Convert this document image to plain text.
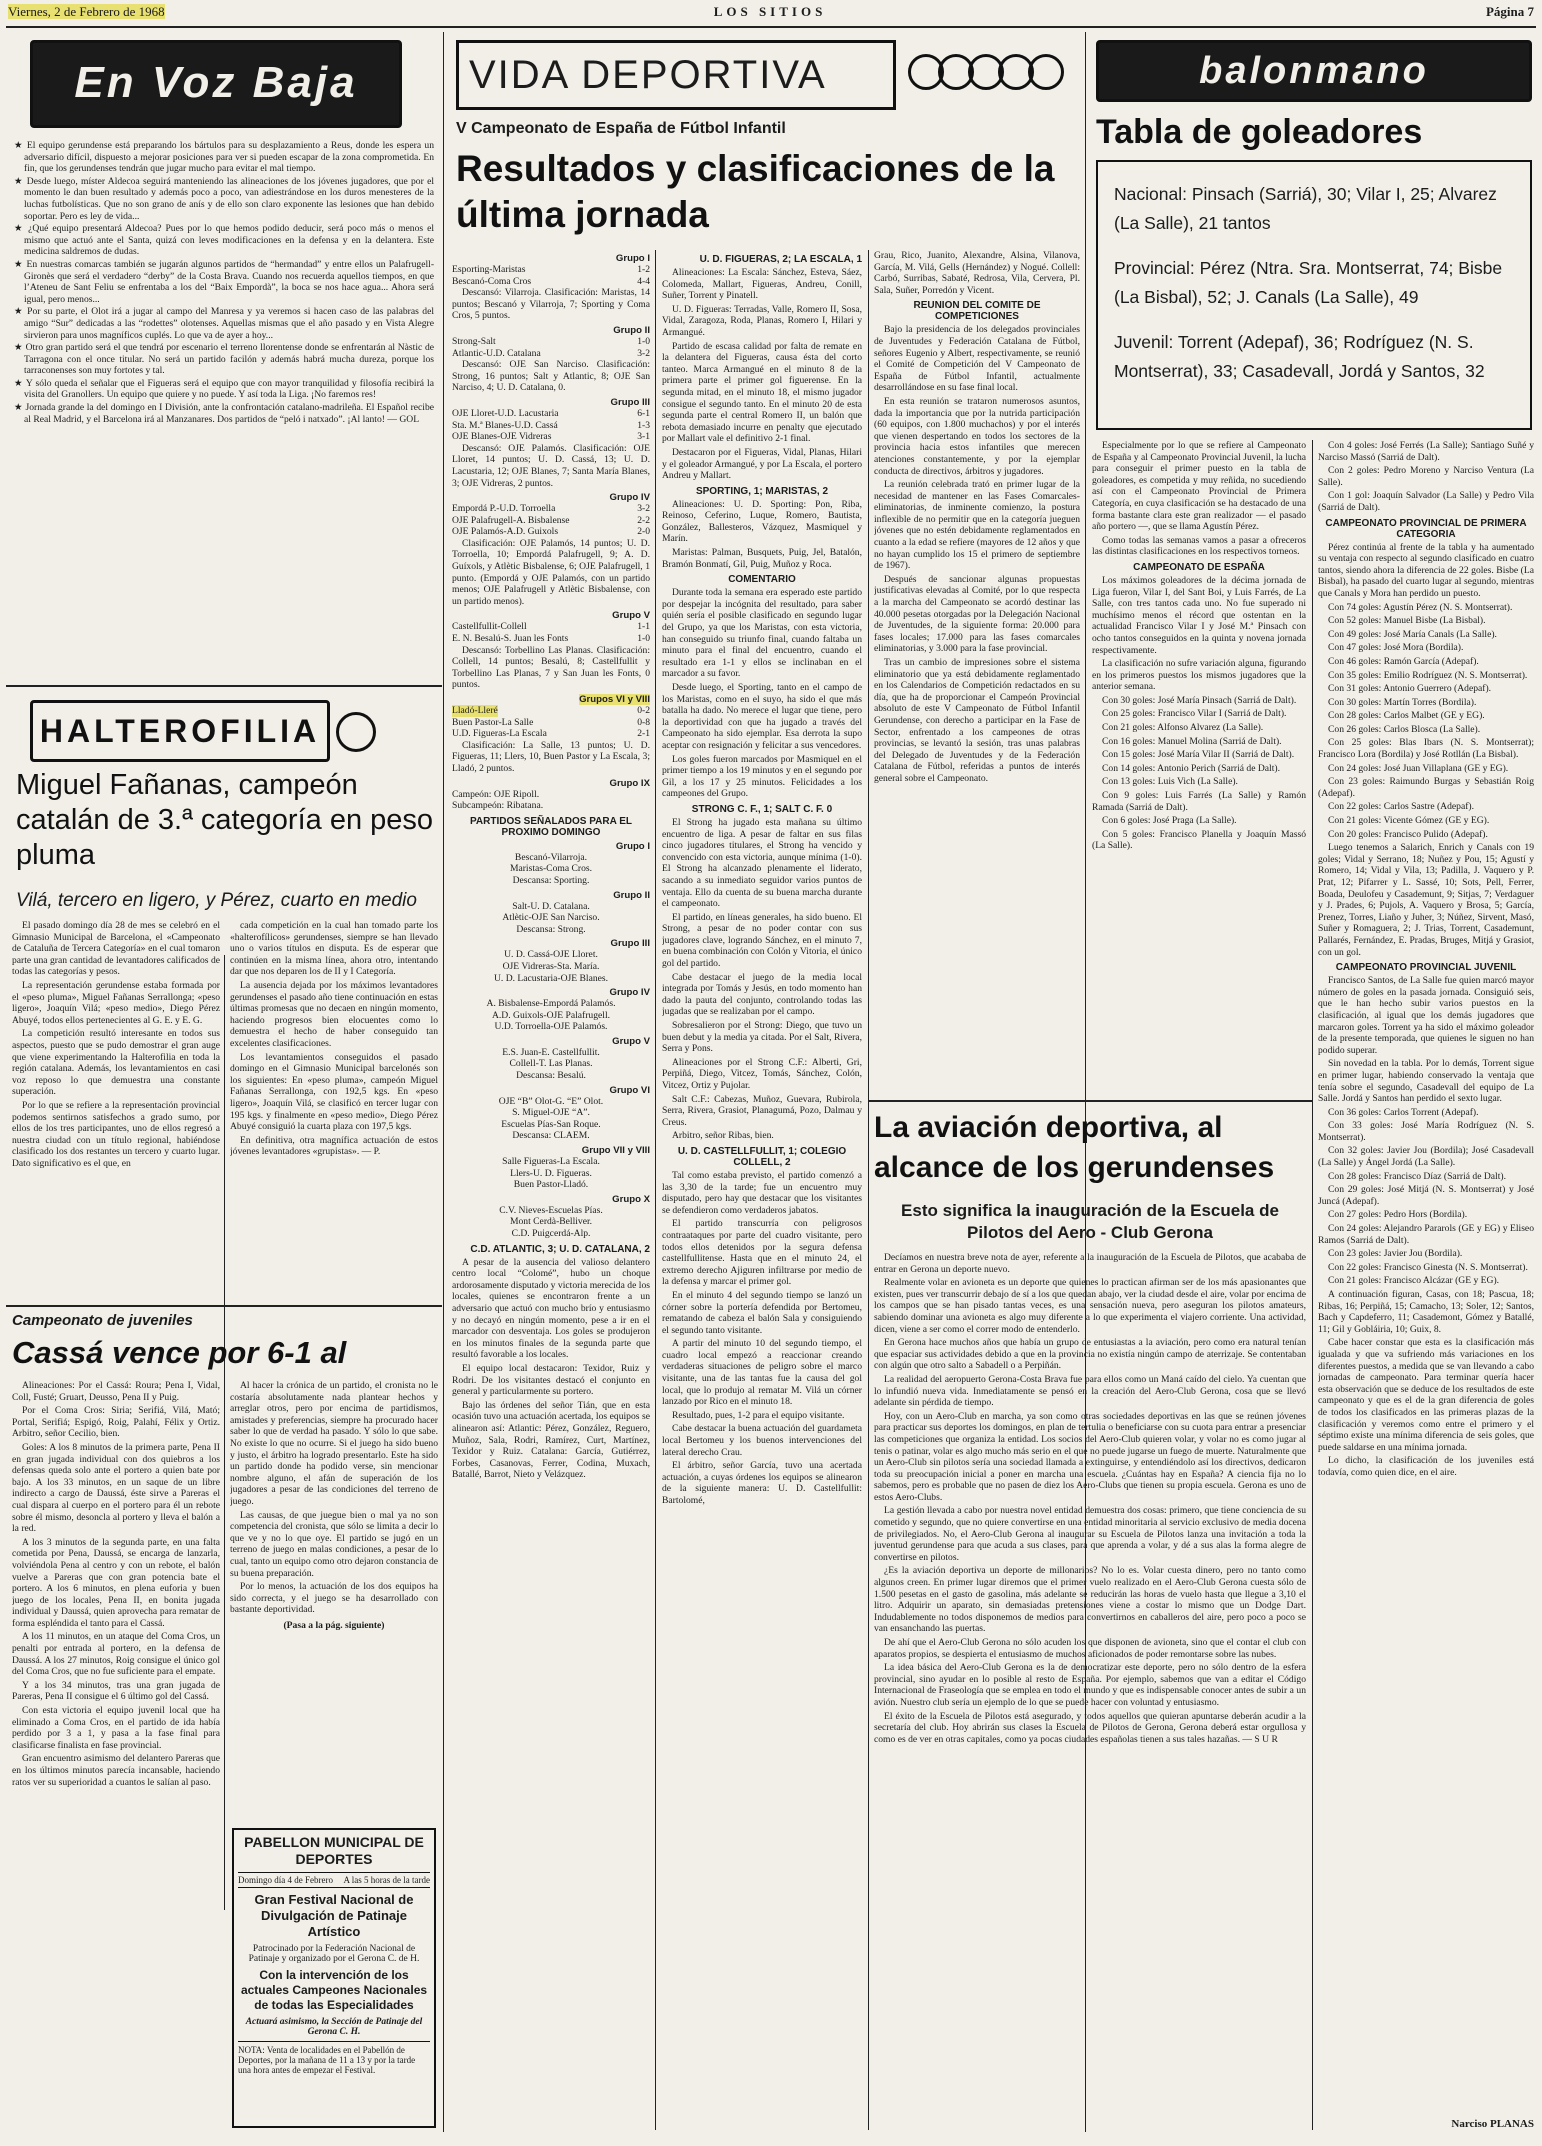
Viernes, 2 de Febrero de 1968	LOS SITIOS	Página 7
En Voz Baja

★ El equipo gerundense está preparando los bártulos para su desplazamiento a Reus, donde les espera un adversario difícil, dispuesto a mejorar posiciones para ver si pueden escapar de la zona comprometida. En fin, que los gerundenses tendrán que jugar mucho para evitar el mal tiempo.

★ Desde luego, míster Aldecoa seguirá manteniendo las alineaciones de los jóvenes jugadores, que por el momento le dan buen resultado y además poco a poco, van adiestrándose en los duros menesteres de la luchas futbolísticas. Que no son grano de anís y de ello son claro exponente las lesiones que han debido soportar. Pero es ley de vida...

★ ¿Qué equipo presentará Aldecoa? Pues por lo que hemos podido deducir, será poco más o menos el mismo que actuó ante el Santa, quizá con leves modificaciones en la defensa y en la delantera. Este medicina saldremos de dudas.

★ En nuestras comarcas también se jugarán algunos partidos de “hermandad” y entre ellos un Palafrugell-Gironès que será el verdadero “derby” de la Costa Brava. Cuando nos recuerda aquellos tiempos, en que l’Ateneu de Sant Feliu se enfrentaba a los del “Baix Empordà”, la boca se nos hace agua... Ahora será igual, pero menos...

★ Por su parte, el Olot irá a jugar al campo del Manresa y ya veremos si hacen caso de las palabras del amigo “Sur” dedicadas a las “rodettes” olotenses. Aquellas mismas que el año pasado y en Vista Alegre sirvieron para unos magníficos cuplés. Lo que va de ayer a hoy...

★ Otro gran partido será el que tendrá por escenario el terreno llorentense donde se enfrentarán al Nàstic de Tarragona con el once titular. No será un partido facilón y además habrá mucha dureza, porque los tarraconenses son muy fortotes y tal.

★ Y sólo queda el señalar que el Figueras será el equipo que con mayor tranquilidad y filosofía recibirá la visita del Granollers. Un equipo que quiere y no puede. Y así toda la Liga. ¡No faremos res!

★ Jornada grande la del domingo en I División, ante la confrontación catalano-madrileña. El Español recibe al Real Madrid, y el Barcelona irá al Manzanares. Dos partidos de “peló i natxado”. ¡Al lanto! — GOL

HALTEROFILIA
Miguel Fañanas, campeón catalán de 3.ª categoría en peso pluma
Vilá, tercero en ligero, y Pérez, cuarto en medio

El pasado domingo día 28 de mes se celebró en el Gimnasio Municipal de Barcelona, el «Campeonato de Cataluña de Tercera Categoría» en el cual tomaron parte una gran cantidad de levantadores calificados de todas las categorías y pesos.

La representación gerundense estaba formada por el «peso pluma», Miguel Fañanas Serrallonga; «peso ligero», Joaquín Vilá; «peso medio», Diego Pérez Abuyé, todos ellos pertenecientes al G. E. y E. G.

La competición resultó interesante en todos sus aspectos, puesto que se pudo demostrar el gran auge que viene experimentando la Halterofilia en toda la región catalana. Además, los levantamientos en casi voz reposo lo que demuestra una constante superación.

Por lo que se refiere a la representación provincial podemos sentirnos satisfechos a grado sumo, por ellos de los tres participantes, uno de ellos regresó a nuestra ciudad con un título regional, habiéndose clasificado los dos restantes un tercero y cuarto lugar. Dato significativo es el que, en

cada competición en la cual han tomado parte los «halterofílicos» gerundenses, siempre se han llevado uno o varios títulos en disputa. Es de esperar que continúen en la misma línea, ahora otro, intentando dar que nos deparen los de II y I Categoría.

La ausencia dejada por los máximos levantadores gerundenses el pasado año tiene continuación en estas últimas promesas que no decaen en ningún momento, haciendo progresos bien elocuentes como lo demuestra el hecho de haber conseguido tan excelentes clasificaciones.

Los levantamientos conseguidos el pasado domingo en el Gimnasio Municipal barcelonés son los siguientes: En «peso pluma», campeón Miguel Fañanas Serrallonga, con 192,5 kgs. En «peso ligero», Joaquín Vilá, se clasificó en tercer lugar con 195 kgs. y finalmente en «peso medio», Diego Pérez Abuyé consiguió la cuarta plaza con 197,5 kgs.

En definitiva, otra magnífica actuación de estos jóvenes levantadores «grupistas». — P.

Campeonato de juveniles
Cassá vence por 6-1 al

Alineaciones: Por el Cassá: Roura; Pena I, Vidal, Coll, Fusté; Gruart, Deusso, Pena II y Puig.

Por el Coma Cros: Siria; Serifiá, Vilá, Mató; Portal, Serifiá; Espigó, Roig, Palahí, Félix y Ortiz. Arbitro, señor Cecilio, bien.

Goles: A los 8 minutos de la primera parte, Pena II en gran jugada individual con dos quiebros a los defensas queda solo ante el portero a quien bate por bajo. A los 33 minutos, en un saque de un libre indirecto a cargo de Daussá, éste sirve a Pareras el cual dispara al cuerpo en el portero para él un rebote sobre él mismo, desoncla al portero y lleva el balón a la red.

A los 3 minutos de la segunda parte, en una falta cometida por Pena, Daussá, se encarga de lanzarla, volviéndola Pena al centro y con un rebote, el balón vuelve a Pareras que con gran potencia bate el portero. A los 6 minutos, en plena euforia y buen juego de los locales, Pena II, en bonita jugada individual y Daussá, quien aprovecha para rematar de forma espléndida el tanto para el Cassá.

A los 11 minutos, en un ataque del Coma Cros, un penalti por entrada al portero, en la defensa de Daussá. A los 27 minutos, Roig consigue el único gol del Coma Cros, que no fue suficiente para el empate.

Y a los 34 minutos, tras una gran jugada de Pareras, Pena II consigue el 6 último gol del Cassá.

Con esta victoria el equipo juvenil local que ha eliminado a Coma Cros, en el partido de ida había perdido por 3 a 1, y pasa a la fase final para clasificarse finalista en fase provincial.

Gran encuentro asimismo del delantero Pareras que en los últimos minutos parecía incansable, haciendo ratos ver su superioridad a cuantos le salían al paso.

Al hacer la crónica de un partido, el cronista no le costaría absolutamente nada plantear hechos y arreglar otros, pero por encima de partidismos, amistades y preferencias, siempre ha procurado hacer saber lo que de verdad ha pasado. Y sólo lo que sabe. No existe lo que no ocurre. Si el juego ha sido bueno y justo, el árbitro ha logrado presentarlo. Este ha sido un partido donde ha podido verse, sin mencionar nombre alguno, el afán de superación de los jugadores a pesar de las condiciones del terreno de juego.

Las causas, de que juegue bien o mal ya no son competencia del cronista, que sólo se limita a decir lo que ve y no lo que oye. El partido se jugó en un terreno de juego en malas condiciones, a pesar de lo cual, tanto un equipo como otro dejaron constancia de su buena preparación.

Por lo menos, la actuación de los dos equipos ha sido correcta, y el juego se ha desarrollado con bastante deportividad.

(Pasa a la pág. siguiente)

PABELLON MUNICIPAL DE DEPORTES
Domingo día 4 de Febrero A las 5 horas de la tarde
Gran Festival Nacional de Divulgación de Patinaje Artístico
Patrocinado por la Federación Nacional de Patinaje y organizado por el Gerona C. de H.
Con la intervención de los actuales Campeones Nacionales de todas las Especialidades
Actuará asimismo, la Sección de Patinaje del Gerona C. H.
NOTA: Venta de localidades en el Pabellón de Deportes, por la mañana de 11 a 13 y por la tarde una hora antes de empezar el Festival.
VIDA DEPORTIVA
V Campeonato de España de Fútbol Infantil
Resultados y clasificaciones de la última jornada
Grupo I
Esporting-Maristas	1-2
Bescanó-Coma Cros	4-4

Descansó: Vilarroja. Clasificación: Maristas, 14 puntos; Bescanó y Vilarroja, 7; Sporting y Coma Cros, 5 puntos.

Grupo II
Strong-Salt	1-0
Atlantic-U.D. Catalana	3-2

Descansó: OJE San Narciso. Clasificación: Strong, 16 puntos; Salt y Atlantic, 8; OJE San Narciso, 4; U. D. Catalana, 0.

Grupo III
OJE Lloret-U.D. Lacustaria	6-1
Sta. M.ª Blanes-U.D. Cassá	1-3
OJE Blanes-OJE Vidreras	3-1

Descansó: OJE Palamós. Clasificación: OJE Lloret, 14 puntos; U. D. Cassá, 13; U. D. Lacustaria, 12; OJE Blanes, 7; Santa María Blanes, 3; OJE Vidreras, 2 puntos.

Grupo IV
Empordá P.-U.D. Torroella	3-2
OJE Palafrugell-A. Bisbalense	2-2
OJE Palamós-A.D. Guixols	2-0

Clasificación: OJE Palamós, 14 puntos; U. D. Torroella, 10; Empordá Palafrugell, 9; A. D. Guíxols, y Atlètic Bisbalense, 6; OJE Palafrugell, 1 punto. (Empordá y OJE Palamós, con un partido menos; OJE Palafrugell y Atlètic Bisbalense, con un partido menos).

Grupo V
Castellfullit-Collell	1-1
E. N. Besalú-S. Juan les Fonts	1-0

Descansó: Torbellino Las Planas. Clasificación: Collell, 14 puntos; Besalú, 8; Castellfullit y Torbellino Las Planas, 7 y San Juan les Fonts, 0 puntos.

Grupos VI y VIII
Lladó-Lleré	0-2
Buen Pastor-La Salle	0-8
U.D. Figueras-La Escala	2-1

Clasificación: La Salle, 13 puntos; U. D. Figueras, 11; Llers, 10, Buen Pastor y La Escala, 3; Lladó, 2 puntos.

Grupo IX
Campeón: OJE Ripoll.
Subcampeón: Ribatana.
PARTIDOS SEÑALADOS PARA EL PROXIMO DOMINGO
Grupo I
Bescanó-Vilarroja.
Maristas-Coma Cros.
Descansa: Sporting.
Grupo II
Salt-U. D. Catalana.
Atlètic-OJE San Narciso.
Descansa: Strong.
Grupo III
U. D. Cassá-OJE Lloret.
OJE Vidreras-Sta. María.
U. D. Lacustaria-OJE Blanes.
Grupo IV
A. Bisbalense-Empordá Palamós.
A.D. Guixols-OJE Palafrugell.
U.D. Torroella-OJE Palamós.
Grupo V
E.S. Juan-E. Castellfullit.
Collell-T. Las Planas.
Descansa: Besalú.
Grupo VI
OJE “B” Olot-G. “E” Olot.
S. Miguel-OJE “A”.
Escuelas Pías-San Roque.
Descansa: CLAEM.
Grupo VII y VIII
Salle Figueras-La Escala.
Llers-U. D. Figueras.
Buen Pastor-Lladó.
Grupo X
C.V. Nieves-Escuelas Pías.
Mont Cerdà-Belliver.
C.D. Puigcerdá-Alp.
C.D. ATLANTIC, 3; U. D. CATALANA, 2

A pesar de la ausencia del valioso delantero centro local “Colomé”, hubo un choque ardorosamente disputado y victoria merecida de los locales, quienes se encontraron frente a un adversario que actuó con mucho brío y entusiasmo y no decayó en ningún momento, pese a ir en el marcador con desventaja. Los goles se produjeron en los minutos finales de la segunda parte que resultó favorable a los locales.

El equipo local destacaron: Texidor, Ruiz y Rodri. De los visitantes destacó el conjunto en general y particularmente su portero.

Bajo las órdenes del señor Tián, que en esta ocasión tuvo una actuación acertada, los equipos se alinearon así: Atlantic: Pérez, González, Reguero, Muñoz, Sala, Rodri, Ramírez, Curt, Martínez, Texidor y Ruiz. Catalana: García, Gutiérrez, Forbes, Casanovas, Ferrer, Codina, Muxach, Batallé, Barrot, Nieto y Velázquez.

U. D. FIGUERAS, 2; LA ESCALA, 1

Alineaciones: La Escala: Sánchez, Esteva, Sáez, Colomeda, Mallart, Figueras, Andreu, Conill, Suñer, Torrent y Pinatell.

U. D. Figueras: Terradas, Valle, Romero II, Sosa, Vidal, Zaragoza, Roda, Planas, Romero I, Hilari y Armangué.

Partido de escasa calidad por falta de remate en la delantera del Figueras, causa ésta del corto tanteo. Marca Armangué en el minuto 8 de la primera parte el primer gol figuerense. En la segunda mitad, en el minuto 18, el mismo jugador consigue el segundo tanto. En el minuto 20 de esta segunda parte el central Romero II, un balón que rebota demasiado incurre en penalty que ejecutado por Mallart vale el definitivo 2-1 final.

Destacaron por el Figueras, Vidal, Planas, Hilari y el goleador Armangué, y por La Escala, el portero Andreu y Mallart.

SPORTING, 1; MARISTAS, 2

Alineaciones: U. D. Sporting: Pon, Riba, Reinoso, Ceferino, Luque, Romero, Bautista, González, Ballesteros, Vázquez, Masmiquel y Marín.

Maristas: Palman, Busquets, Puig, Jel, Batalón, Bramón Bonmatí, Gil, Puig, Muñoz y Roca.

COMENTARIO

Durante toda la semana era esperado este partido por despejar la incógnita del resultado, para saber quién sería el posible clasificado en segundo lugar del Grupo, ya que los Maristas, con esta victoria, han conseguido su triunfo final, cuando faltaba un minuto para el final del encuentro, cuando el resultado era 1-1 y ellos se inclinaban en el marcador a su favor.

Desde luego, el Sporting, tanto en el campo de los Maristas, como en el suyo, ha sido el que más batalla ha dado. No merece el lugar que tiene, pero la deportividad con que ha jugado a través del Campeonato ha sido ejemplar. Esa derrota la supo aceptar con resignación y felicitar a sus vencedores.

Los goles fueron marcados por Masmiquel en el primer tiempo a los 19 minutos y en el segundo por Gil, a los 17 y 25 minutos. Felicidades a los campeones del Grupo.

STRONG C. F., 1; SALT C. F. 0

El Strong ha jugado esta mañana su último encuentro de liga. A pesar de faltar en sus filas cinco jugadores titulares, el Strong ha vencido y convencido con esta victoria, aunque mínima (1-0). El Strong ha alcanzado plenamente el liderato, sacando a su inmediato seguidor varios puntos de ventaja. Ello da cuenta de su buena marcha durante el campeonato.

El partido, en líneas generales, ha sido bueno. El Strong, a pesar de no poder contar con sus jugadores clave, logrando Sánchez, en el minuto 7, en buena combinación con Colón y Vitoria, el único gol del partido.

Cabe destacar el juego de la media local integrada por Tomás y Jesús, en todo momento han dado la pauta del conjunto, controlando todas las jugadas que se realizaban por el campo.

Sobresalieron por el Strong: Diego, que tuvo un buen debut y la media ya citada. Por el Salt, Rivera, Serra y Pons.

Alineaciones por el Strong C.F.: Alberti, Gri, Perpiñá, Diego, Vitcez, Tomás, Sánchez, Colón, Vitcez, Ortiz y Pujolar.

Salt C.F.: Cabezas, Muñoz, Guevara, Rubirola, Serra, Rivera, Grasiot, Planagumá, Pozo, Dalmau y Creus.

Arbitro, señor Ribas, bien.

U. D. CASTELLFULLIT, 1; COLEGIO COLLELL, 2

Tal como estaba previsto, el partido comenzó a las 3,30 de la tarde; fue un encuentro muy disputado, pero hay que destacar que los visitantes se defendieron como verdaderos jabatos.

El partido transcurría con peligrosos contraataques por parte del cuadro visitante, pero todos ellos detenidos por la segura defensa castellfullitense. Hasta que en el minuto 24, el extremo derecho Ajiguren infiltrarse por medio de la defensa y marcar el primer gol.

En el minuto 4 del segundo tiempo se lanzó un córner sobre la portería defendida por Bertomeu, rematando de cabeza el balón Sala y consiguiendo el segundo tanto visitante.

A partir del minuto 10 del segundo tiempo, el cuadro local empezó a reaccionar creando verdaderas situaciones de peligro sobre el marco visitante, una de las tantas fue la causa del gol local, que lo produjo al rematar M. Vilá un córner lanzado por Rico en el minuto 18.

Resultado, pues, 1-2 para el equipo visitante.

Cabe destacar la buena actuación del guardameta local Bertomeu y los buenos intervenciones del lateral derecho Crau.

El árbitro, señor García, tuvo una acertada actuación, a cuyas órdenes los equipos se alinearon de la siguiente manera: U. D. Castellfullit: Bartolomé,

Grau, Rico, Juanito, Alexandre, Alsina, Vilanova, García, M. Vilá, Gells (Hernández) y Nogué. Collell: Carbó, Surribas, Sabaté, Redrosa, Vila, Cervera, Pl. Sala, Suñer, Porredón y Vicent.

REUNION DEL COMITE DE COMPETICIONES

Bajo la presidencia de los delegados provinciales de Juventudes y Federación Catalana de Fútbol, señores Eugenio y Albert, respectivamente, se reunió el Comité de Competición del V Campeonato de España de Fútbol Infantil, actualmente desarrollándose en su fase final local.

En esta reunión se trataron numerosos asuntos, dada la importancia que por la nutrida participación (60 equipos, con 1.800 muchachos) y por el interés que vienen despertando en todos los sectores de la provincia hacia estos infantiles que merecen atenciones constantemente, y por la ejemplar conducta de directivos, árbitros y jugadores.

La reunión celebrada trató en primer lugar de la necesidad de mantener en las Fases Comarcales-eliminatorias, de inminente comienzo, la postura inflexible de no permitir que en la categoría jueguen jóvenes que no estén debidamente reglamentados en cuanto a la edad se refiere (mayores de 12 años y que no hayan cumplido los 15 el primero de septiembre de 1967).

Después de sancionar algunas propuestas justificativas elevadas al Comité, por lo que respecta a la marcha del Campeonato se acordó destinar las 40.000 pesetas otorgadas por la Delegación Nacional de Juventudes, de la siguiente forma: 20.000 para fases locales; 17.000 para las fases comarcales eliminatorias, y 3.000 para la fase provincial.

Tras un cambio de impresiones sobre el sistema eliminatorio que ya está debidamente reglamentado en los Calendarios de Competición redactados en su día, que ha de proporcionar el Campeón Provincial absoluto de este V Campeonato de Fútbol Infantil Gerundense, con derecho a participar en la Fase de Sector, enfrentado a los campeones de otras provincias, se levantó la sesión, tras unas palabras del Delegado de Juventudes y de la Federación Catalana de Fútbol, referidas a puntos de interés general sobre el Campeonato.

La aviación deportiva, al alcance de los gerundenses
Esto significa la inauguración de la Escuela de Pilotos del Aero - Club Gerona

Decíamos en nuestra breve nota de ayer, referente a la inauguración de la Escuela de Pilotos, que acababa de entrar en Gerona un deporte nuevo.

Realmente volar en avioneta es un deporte que quienes lo practican afirman ser de los más apasionantes que existen, pues ver transcurrir debajo de sí a los que quedan abajo, ver la ciudad desde el aire, volar por encima de los campos que se han pisado tantas veces, es una sensación nueva, pero aseguran los pilotos amateurs, sabiendo dominar una avioneta es algo muy diferente a lo que experimenta el viajero corriente. Una actividad, dicen, viene a ser como el correr modo de entenderlo.

En Gerona hace muchos años que había un grupo de entusiastas a la aviación, pero como era natural tenían que espaciar sus actividades debido a que en la provincia no existía ningún campo de aterrizaje. Se contentaban con algún que otro salto a Sabadell o a Perpiñán.

La realidad del aeropuerto Gerona-Costa Brava fue para ellos como un Maná caído del cielo. Ya cuentan que lo infundió nueva vida. Inmediatamente se pensó en la creación del Aero-Club Gerona, cosa que se llevó adelante sin pérdida de tiempo.

Hoy, con un Aero-Club en marcha, ya son como otras sociedades deportivas en las que se reúnen jóvenes para practicar sus deportes los domingos, en plan de tertulia o beneficiarse con su cuota para entrar a presenciar las competiciones que organiza la entidad. Los socios del Aero-Club quieren volar, y volar no es como jugar al tenis o patinar, volar es algo mucho más serio en el que no puede jugarse un fuego de muerte. Naturalmente que un Aero-Club sin pilotos sería una sociedad llamada a extinguirse, y entendiéndolo así los directivos, dedicaron toda su preocupación inicial a poner en marcha una escuela. ¿Cuántas hay en España? A ciencia fija no lo sabemos, pero es probable que no pasen de diez los Aero-Clubs que tienen su propia escuela. Gerona es uno de estos Aero-Clubs.

La gestión llevada a cabo por nuestra novel entidad demuestra dos cosas: primero, que tiene conciencia de su cometido y segundo, que no quiere convertirse en una entidad minoritaria al servicio exclusivo de media docena de privilegiados. No, el Aero-Club Gerona al inaugurar su Escuela de Pilotos lanza una invitación a toda la juventud gerundense para que acuda a sus clases, para que aprenda a volar, y dé a sus alas la forma alegre de convertirse en pilotos.

¿Es la aviación deportiva un deporte de millonarios? No lo es. Volar cuesta dinero, pero no tanto como algunos creen. En primer lugar diremos que el primer vuelo realizado en el Aero-Club Gerona cuesta sólo de 1.500 pesetas en el gasto de gasolina, más adelante se reducirán las horas de vuelo hasta que llegue a 3,10 el litro. Adquirir un aparato, sin demasiadas pretensiones viene a costar lo mismo que un Dodge Dart. Indudablemente no todos disponemos de medios para convertirnos en caballeros del aire, pero poco a poco se van ensanchando las puertas.

De ahí que el Aero-Club Gerona no sólo acuden los que disponen de avioneta, sino que el contar el club con aparatos propios, se despierta el entusiasmo de muchos aficionados de poder remontarse sobre las nubes.

La idea básica del Aero-Club Gerona es la de democratizar este deporte, pero no sólo dentro de la esfera provincial, sino ayudar en lo posible al resto de España. Por ejemplo, sabemos que van a editar el Código Internacional de Fraseología que se emplea en todo el mundo y que es indispensable conocer antes de subir a un avión. Nuestro club sería un ejemplo de lo que se puede hacer con voluntad y entusiasmo.

El éxito de la Escuela de Pilotos está asegurado, y todos aquellos que quieran apuntarse deberán acudir a la secretaría del club. Hoy abrirán sus clases la Escuela de Pilotos de Gerona, Gerona deberá estar orgullosa y como es de ver en otras capitales, como ya pocas ciudades españolas tienen a sus tales hazañas. — S U R

balonmano
Tabla de goleadores

Nacional: Pinsach (Sarriá), 30; Vilar I, 25; Alvarez (La Salle), 21 tantos

Provincial: Pérez (Ntra. Sra. Montserrat, 74; Bisbe (La Bisbal), 52; J. Canals (La Salle), 49

Juvenil: Torrent (Adepaf), 36; Rodríguez (N. S. Montserrat), 33; Casadevall, Jordá y Santos, 32

Especialmente por lo que se refiere al Campeonato de España y al Campeonato Provincial Juvenil, la lucha para conseguir el primer puesto en la tabla de goleadores, es competida y muy reñida, no sucediendo así con el Campeonato Provincial de Primera Categoría, en cuya clasificación se ha destacado de una forma bastante clara este gran realizador — el pasado año portero —, que se llama Agustín Pérez.

Como todas las semanas vamos a pasar a ofreceros las distintas clasificaciones en los respectivos torneos.

CAMPEONATO DE ESPAÑA

Los máximos goleadores de la décima jornada de Liga fueron, Vilar I, del Sant Boi, y Luis Farrés, de La Salle, con tres tantos cada uno. No fue superado ni muchísimo menos el récord que ostentan en la actualidad Francisco Vilar I y José M.ª Pinsach con ocho tantos conseguidos en la quinta y novena jornada respectivamente.

La clasificación no sufre variación alguna, figurando en los primeros puestos los mismos jugadores que la anterior semana.

Con 30 goles: José María Pinsach (Sarriá de Dalt).

Con 25 goles: Francisco Vilar I (Sarriá de Dalt).

Con 21 goles: Alfonso Alvarez (La Salle).

Con 16 goles: Manuel Molina (Sarriá de Dalt).

Con 15 goles: José María Vilar II (Sarriá de Dalt).

Con 14 goles: Antonio Perich (Sarriá de Dalt).

Con 13 goles: Luis Vich (La Salle).

Con 9 goles: Luis Farrés (La Salle) y Ramón Ramada (Sarriá de Dalt).

Con 6 goles: José Praga (La Salle).

Con 5 goles: Francisco Planella y Joaquín Massó (La Salle).

Con 4 goles: José Ferrés (La Salle); Santiago Suñé y Narciso Massó (Sarriá de Dalt).

Con 2 goles: Pedro Moreno y Narciso Ventura (La Salle).

Con 1 gol: Joaquín Salvador (La Salle) y Pedro Vila (Sarriá de Dalt).

CAMPEONATO PROVINCIAL DE PRIMERA CATEGORIA

Pérez continúa al frente de la tabla y ha aumentado su ventaja con respecto al segundo clasificado en cuatro tantos, siendo ahora la diferencia de 22 goles. Bisbe (La Bisbal), ha pasado del cuarto lugar al segundo, mientras que Canals y Mora han perdido un puesto.

Con 74 goles: Agustín Pérez (N. S. Montserrat).

Con 52 goles: Manuel Bisbe (La Bisbal).

Con 49 goles: José María Canals (La Salle).

Con 47 goles: José Mora (Bordila).

Con 46 goles: Ramón García (Adepaf).

Con 35 goles: Emilio Rodríguez (N. S. Montserrat).

Con 31 goles: Antonio Guerrero (Adepaf).

Con 30 goles: Martín Torres (Bordila).

Con 28 goles: Carlos Malbet (GE y EG).

Con 26 goles: Carlos Blosca (La Salle).

Con 25 goles: Blas Ibars (N. S. Montserrat); Francisco Lora (Bordila) y José Rotllán (La Bisbal).

Con 24 goles: José Juan Villaplana (GE y EG).

Con 23 goles: Raimundo Burgas y Sebastián Roig (Adepaf).

Con 22 goles: Carlos Sastre (Adepaf).

Con 21 goles: Vicente Gómez (GE y EG).

Con 20 goles: Francisco Pulido (Adepaf).

Luego tenemos a Salarich, Enrich y Canals con 19 goles; Vidal y Serrano, 18; Nuñez y Pou, 15; Agustí y Romero, 14; Vidal y Vila, 13; Padilla, J. Vaquero y P. Prat, 12; Pifarrer y L. Sassé, 10; Sots, Pell, Ferrer, Boada, Deulofeu y Casademunt, 9; Sitjas, 7; Verdaguer y J. Prades, 6; Pujols, A. Vaquero y Brosa, 5; García, Prenez, Torres, Liaño y Juher, 3; Núñez, Sirvent, Masó, Suñer y Romaguera, 2; J. Trias, Torrent, Casademunt, Pallarés, Fernández, E. Pradas, Bruges, Mitjá y Grasiot, con un gol.

CAMPEONATO PROVINCIAL JUVENIL

Francisco Santos, de La Salle fue quien marcó mayor número de goles en la pasada jornada. Consiguió seis, que le han hecho subir varios puestos en la clasificación, al igual que los demás jugadores que marcaron goles. Torrent ya ha sido el máximo goleador de la presente temporada, que quienes le siguen no han podido superar.

Sin novedad en la tabla. Por lo demás, Torrent sigue en primer lugar, habiendo conservado la ventaja que tenía sobre el segundo, Casadevall del equipo de La Salle. Jordá y Santos han perdido el sexto lugar.

Con 36 goles: Carlos Torrent (Adepaf).

Con 33 goles: José María Rodríguez (N. S. Montserrat).

Con 32 goles: Javier Jou (Bordila); José Casadevall (La Salle) y Ángel Jordá (La Salle).

Con 28 goles: Francisco Díaz (Sarriá de Dalt).

Con 29 goles: José Mitjá (N. S. Montserrat) y José Juncá (Adepaf).

Con 27 goles: Pedro Hors (Bordila).

Con 24 goles: Alejandro Pararols (GE y EG) y Eliseo Ramos (Sarriá de Dalt).

Con 23 goles: Javier Jou (Bordila).

Con 22 goles: Francisco Ginesta (N. S. Montserrat).

Con 21 goles: Francisco Alcázar (GE y EG).

A continuación figuran, Casas, con 18; Pascua, 18; Ribas, 16; Perpiñá, 15; Camacho, 13; Soler, 12; Santos, Bach y Capdeferro, 11; Casademont, Gómez y Batallé, 11; Gil y Gobláiria, 10; Guix, 8.

Cabe hacer constar que esta es la clasificación más igualada y que va sufriendo más variaciones en los diferentes puestos, a medida que se van llevando a cabo jornadas de campeonato. Para terminar quería hacer esta observación que se deduce de los resultados de este campeonato y que es el de la gran diferencia de goles de todos los clasificados en las primeras plazas de la clasificación y veremos como entre el primero y el séptimo existe una mínima diferencia de seis goles, que puede saldarse en una mínima jornada.

Lo dicho, la clasificación de los juveniles está todavía, como quien dice, en el aire.

Narciso PLANAS
